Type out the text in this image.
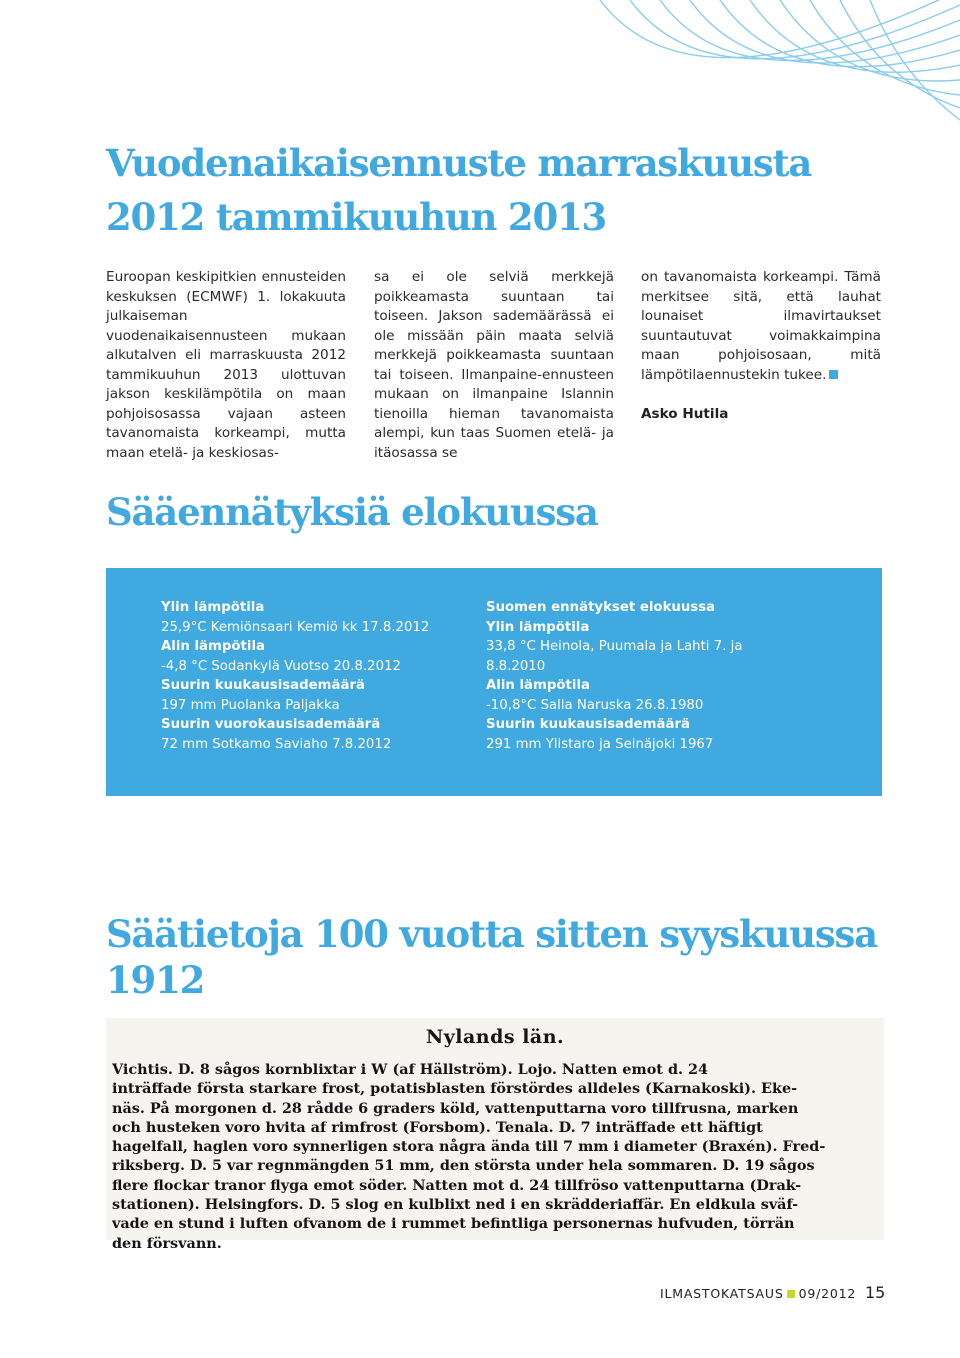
Vuodenaikaisennuste marraskuusta 2012 tammikuuhun 2013
Euroopan keskipitkien ennusteiden keskuksen (ECMWF) 1. lokakuuta julkaiseman vuodenaikaisennusteen mukaan alkutalven eli marraskuusta 2012 tammikuuhun 2013 ulottuvan jakson keskilämpötila on maan pohjoisosassa vajaan asteen tavanomaista korkeampi, mutta maan etelä- ja keskiosas-
sa ei ole selviä merkkejä poikkeamasta suuntaan tai toiseen. Jakson sademäärässä ei ole missään päin maata selviä merkkejä poikkeamasta suuntaan tai toiseen. Ilmanpaine-ennusteen mukaan on ilmanpaine Islannin tienoilla hieman tavanomaista alempi, kun taas Suomen etelä- ja itäosassa se
on tavanomaista korkeampi. Tämä merkitsee sitä, että lauhat lounaiset ilmavirtaukset suuntautuvat voimakkaimpina maan pohjoisosaan, mitä lämpötilaennustekin tukee.
Asko Hutila
Sääennätyksiä elokuussa
Ylin lämpötila
25,9°C Kemiönsaari Kemiö kk 17.8.2012
Alin lämpötila
-4,8 °C Sodankylä Vuotso 20.8.2012
Suurin kuukausisademäärä
197 mm Puolanka Paljakka
Suurin vuorokausisademäärä
72 mm Sotkamo Saviaho 7.8.2012
Suomen ennätykset elokuussa
Ylin lämpötila
33,8 °C Heinola, Puumala ja Lahti 7. ja 8.8.2010
Alin lämpötila
-10,8°C Salla Naruska 26.8.1980
Suurin kuukausisademäärä
291 mm Ylistaro ja Seinäjoki 1967
Säätietoja 100 vuotta sitten syyskuussa 1912
Nylands län.
Vichtis. D. 8 sågos kornblixtar i W (af Hällström). Lojo. Natten emot d. 24
inträffade första starkare frost, potatisblasten förstördes alldeles (Karnakoski). Eke-
näs. På morgonen d. 28 rådde 6 graders köld, vattenputtarna voro tillfrusna, marken
och husteken voro hvita af rimfrost (Forsbom). Tenala. D. 7 inträffade ett häftigt
hagelfall, haglen voro synnerligen stora några ända till 7 mm i diameter (Braxén). Fred-
riksberg. D. 5 var regnmängden 51 mm, den största under hela sommaren. D. 19 sågos
flere flockar tranor flyga emot söder. Natten mot d. 24 tillfröso vattenputtarna (Drak-
stationen). Helsingfors. D. 5 slog en kulblixt ned i en skrädderiaffär. En eldkula sväf-
vade en stund i luften ofvanom de i rummet befintliga personernas hufvuden, törrän
den försvann.
ILMASTOKATSAUS 09/2012 15
